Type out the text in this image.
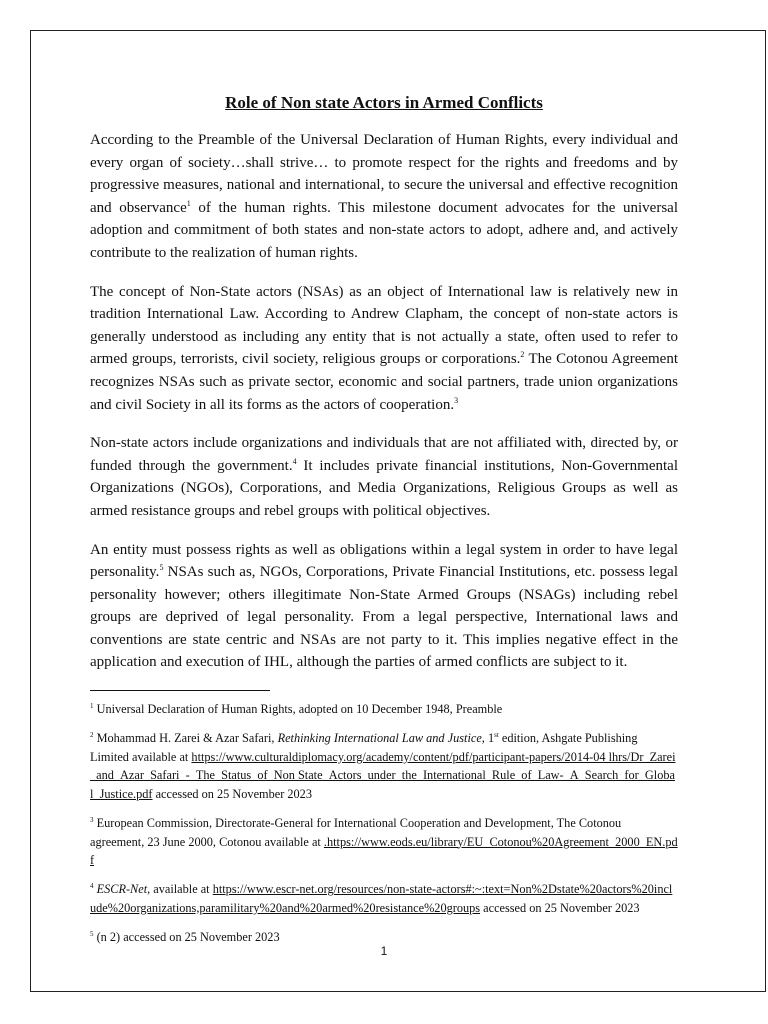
Role of Non state Actors in Armed Conflicts

According to the Preamble of the Universal Declaration of Human Rights, every individual and every organ of society…shall strive… to promote respect for the rights and freedoms and by progressive measures, national and international, to secure the universal and effective recognition and observance$^1$ of the human rights. This milestone document advocates for the universal adoption and commitment of both states and non-state actors to adopt, adhere and, and actively contribute to the realization of human rights.

The concept of Non-State actors (NSAs) as an object of International law is relatively new in tradition International Law. According to Andrew Clapham, the concept of non-state actors is generally understood as including any entity that is not actually a state, often used to refer to armed groups, terrorists, civil society, religious groups or corporations.$^2$ The Cotonou Agreement recognizes NSAs such as private sector, economic and social partners, trade union organizations and civil Society in all its forms as the actors of cooperation.$^3$

Non-state actors include organizations and individuals that are not affiliated with, directed by, or funded through the government.$^4$ It includes private financial institutions, Non-Governmental Organizations (NGOs), Corporations, and Media Organizations, Religious Groups as well as armed resistance groups and rebel groups with political objectives.

An entity must possess rights as well as obligations within a legal system in order to have legal personality.$^5$ NSAs such as, NGOs, Corporations, Private Financial Institutions, etc. possess legal personality however; others illegitimate Non-State Armed Groups (NSAGs) including rebel groups are deprived of legal personality. From a legal perspective, International laws and conventions are state centric and NSAs are not party to it. This implies negative effect in the application and execution of IHL, although the parties of armed conflicts are subject to it.

$^1$ Universal Declaration of Human Rights, adopted on 10 December 1948, Preamble

$^2$ Mohammad H. Zarei & Azar Safari, Rethinking International Law and Justice, 1st edition, Ashgate Publishing Limited available at https://www.culturaldiplomacy.org/academy/content/pdf/participant-papers/2014-04 lhrs/Dr_Zarei_and_Azar_Safari_-_The_Status_of_Non State_Actors_under_the_International_Rule_of_Law-_A_Search_for_Global_Justice.pdf accessed on 25 November 2023

$^3$ European Commission, Directorate-General for International Cooperation and Development, The Cotonou agreement, 23 June 2000, Cotonou available at .https://www.eods.eu/library/EU_Cotonou%20Agreement_2000_EN.pdf

$^4$ ESCR-Net, available at https://www.escr-net.org/resources/non-state-actors#:~:text=Non%2Dstate%20actors%20include%20organizations,paramilitary%20and%20armed%20resistance%20groups accessed on 25 November 2023

$^5$ (n 2) accessed on 25 November 2023

1
